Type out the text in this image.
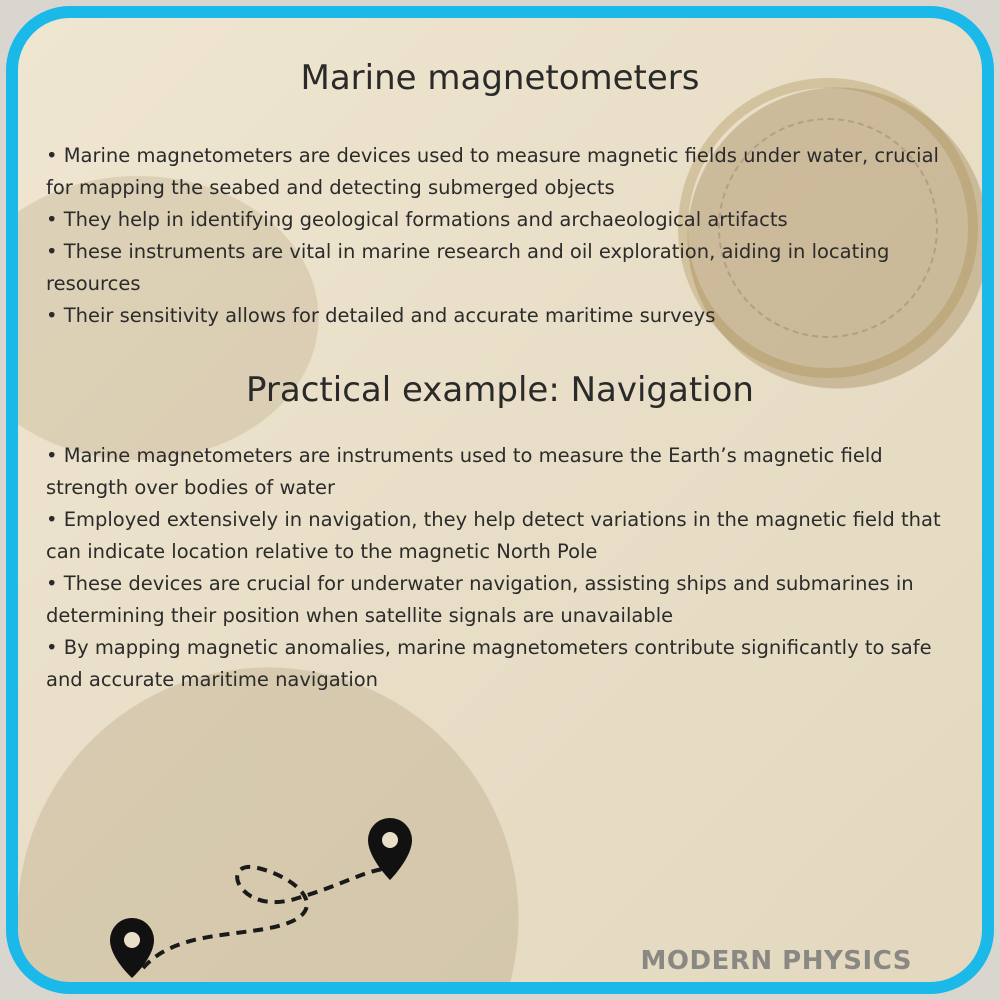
Marine magnetometers

• Marine magnetometers are devices used to measure magnetic fields under water, crucial for mapping the seabed and detecting submerged objects

• They help in identifying geological formations and archaeological artifacts

• These instruments are vital in marine research and oil exploration, aiding in locating resources

• Their sensitivity allows for detailed and accurate maritime surveys

Practical example: Navigation

• Marine magnetometers are instruments used to measure the Earth’s magnetic field strength over bodies of water

• Employed extensively in navigation, they help detect variations in the magnetic field that can indicate location relative to the magnetic North Pole

• These devices are crucial for underwater navigation, assisting ships and submarines in determining their position when satellite signals are unavailable

• By mapping magnetic anomalies, marine magnetometers contribute significantly to safe and accurate maritime navigation

MODERN PHYSICS
